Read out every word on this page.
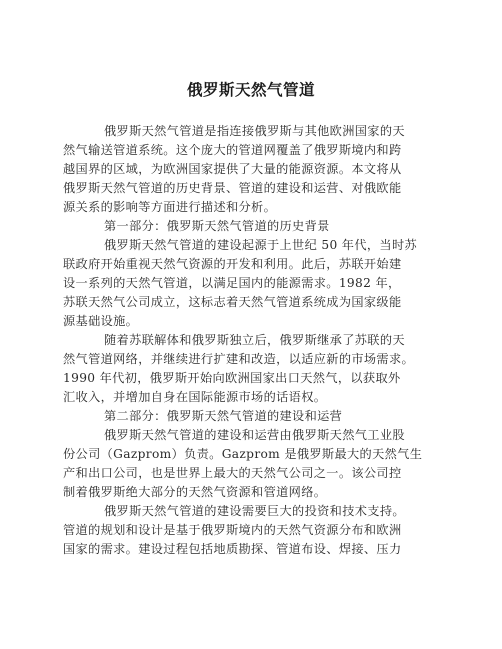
俄罗斯天然气管道
俄罗斯天然气管道是指连接俄罗斯与其他欧洲国家的天
然气输送管道系统。这个庞大的管道网覆盖了俄罗斯境内和跨
越国界的区域，为欧洲国家提供了大量的能源资源。本文将从
俄罗斯天然气管道的历史背景、管道的建设和运营、对俄欧能
源关系的影响等方面进行描述和分析。
第一部分：俄罗斯天然气管道的历史背景
俄罗斯天然气管道的建设起源于上世纪 50 年代，当时苏
联政府开始重视天然气资源的开发和利用。此后，苏联开始建
设一系列的天然气管道，以满足国内的能源需求。1982 年，
苏联天然气公司成立，这标志着天然气管道系统成为国家级能
源基础设施。
随着苏联解体和俄罗斯独立后，俄罗斯继承了苏联的天
然气管道网络，并继续进行扩建和改造，以适应新的市场需求。
1990 年代初，俄罗斯开始向欧洲国家出口天然气，以获取外
汇收入，并增加自身在国际能源市场的话语权。
第二部分：俄罗斯天然气管道的建设和运营
俄罗斯天然气管道的建设和运营由俄罗斯天然气工业股
份公司（Gazprom）负责。Gazprom 是俄罗斯最大的天然气生
产和出口公司，也是世界上最大的天然气公司之一。该公司控
制着俄罗斯绝大部分的天然气资源和管道网络。
俄罗斯天然气管道的建设需要巨大的投资和技术支持。
管道的规划和设计是基于俄罗斯境内的天然气资源分布和欧洲
国家的需求。建设过程包括地质勘探、管道布设、焊接、压力
